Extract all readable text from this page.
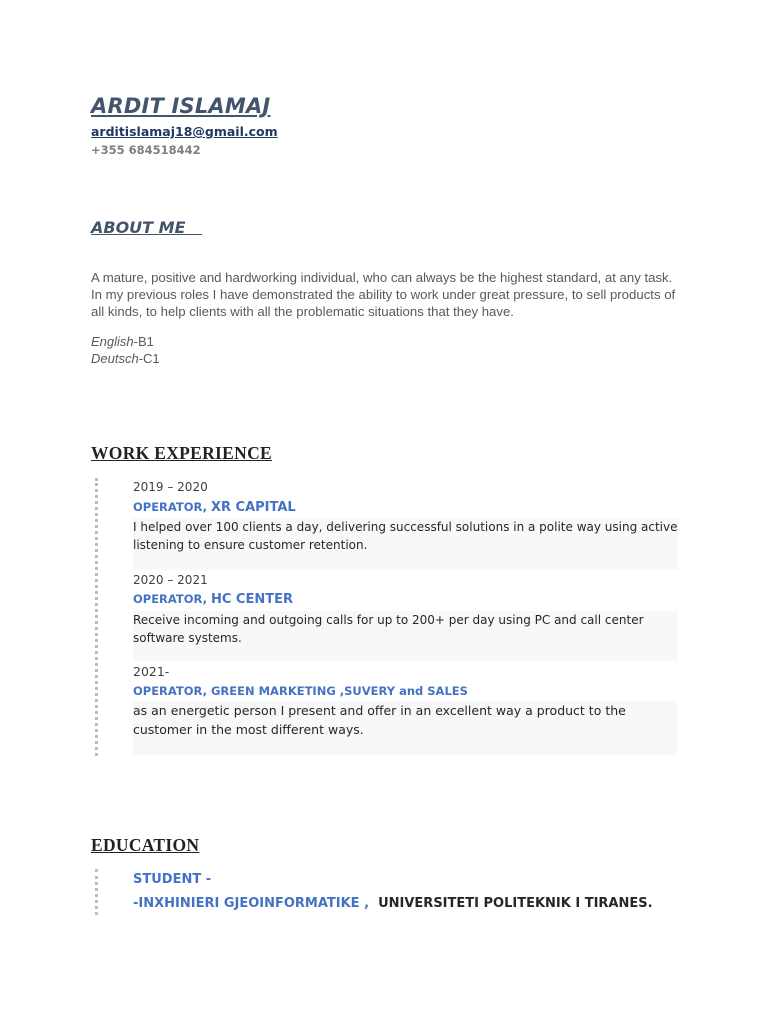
ARDIT ISLAMAJ
arditislamaj18@gmail.com
+355 684518442
ABOUT ME
A mature, positive and hardworking individual, who can always be the highest standard, at any task. In my previous roles I have demonstrated the ability to work under great pressure, to sell products of all kinds, to help clients with all the problematic situations that they have.
English-B1
Deutsch-C1
WORK EXPERIENCE
2019 – 2020
OPERATOR, XR CAPITAL
I helped over 100 clients a day, delivering successful solutions in a polite way using active listening to ensure customer retention.
2020 – 2021
OPERATOR, HC CENTER
Receive incoming and outgoing calls for up to 200+ per day using PC and call center software systems.
2021-
OPERATOR, GREEN MARKETING ,SUVERY and SALES
as an energetic person I present and offer in an excellent way a product to the customer in the most different ways.
EDUCATION
STUDENT -
-INXHINIERI GJEOINFORMATIKE ,  UNIVERSITETI POLITEKNIK I TIRANES.
